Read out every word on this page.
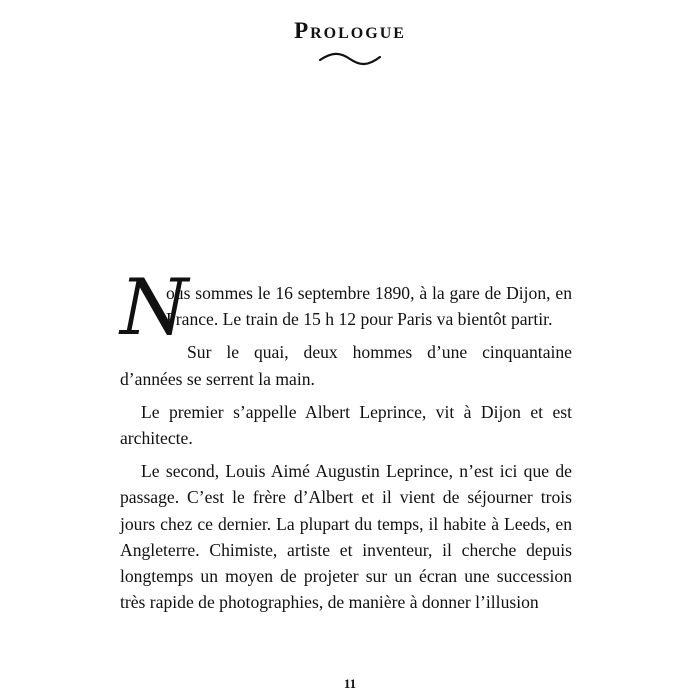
Prologue

N
ous sommes le 16 septembre 1890, à la gare de Dijon, en France. Le train de 15 h 12 pour Paris va bientôt partir.

Sur le quai, deux hommes d’une cinquantaine d’années se serrent la main.

Le premier s’appelle Albert Leprince, vit à Dijon et est architecte.

Le second, Louis Aimé Augustin Leprince, n’est ici que de passage. C’est le frère d’Albert et il vient de séjourner trois jours chez ce dernier. La plupart du temps, il habite à Leeds, en Angleterre. Chimiste, artiste et inventeur, il cherche depuis longtemps un moyen de projeter sur un écran une succession très rapide de photographies, de manière à donner l’illusion

11
